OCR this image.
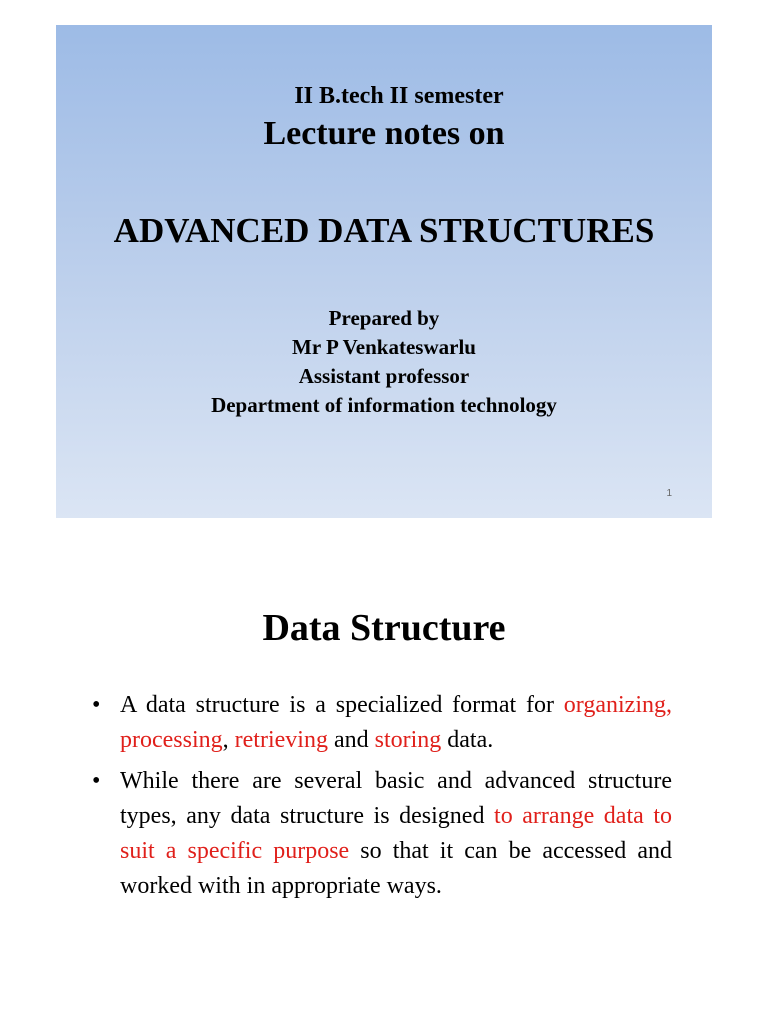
II B.tech II semester
Lecture notes on
ADVANCED DATA STRUCTURES
Prepared by
Mr P Venkateswarlu
Assistant professor
Department of information technology
1
Data Structure
• A data structure is a specialized format for organizing, processing, retrieving and storing data.
• While there are several basic and advanced structure types, any data structure is designed to arrange data to suit a specific purpose so that it can be accessed and worked with in appropriate ways.
